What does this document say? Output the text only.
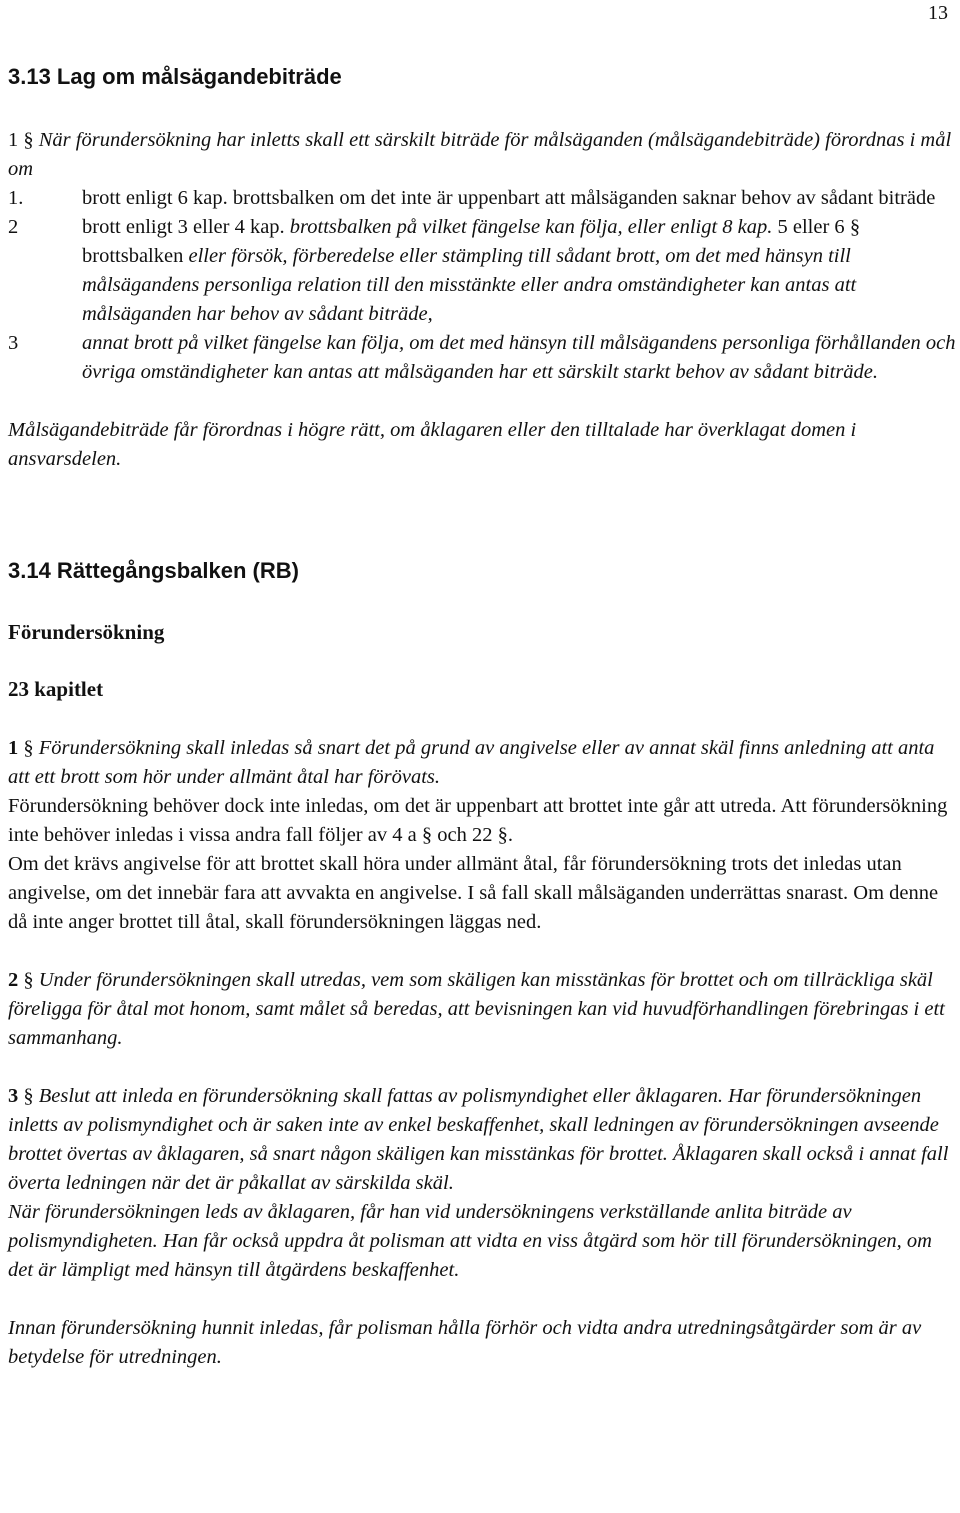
13
3.13 Lag om målsägandebiträde

1 § När förundersökning har inletts skall ett särskilt biträde för målsäganden (målsägandebiträde) förordnas i mål om

1.	brott enligt 6 kap. brottsbalken om det inte är uppenbart att målsäganden saknar behov av sådant biträde
2	brott enligt 3 eller 4 kap. brottsbalken på vilket fängelse kan följa, eller enligt 8 kap. 5 eller 6 § brottsbalken eller försök, förberedelse eller stämpling till sådant brott, om det med hänsyn till målsägandens personliga relation till den misstänkte eller andra omständigheter kan antas att målsäganden har behov av sådant biträde,
3	annat brott på vilket fängelse kan följa, om det med hänsyn till målsägandens personliga förhållanden och övriga omständigheter kan antas att målsäganden har ett särskilt starkt behov av sådant biträde.

Målsägandebiträde får förordnas i högre rätt, om åklagaren eller den tilltalade har överklagat domen i ansvarsdelen.

3.14 Rättegångsbalken (RB)
Förundersökning
23 kapitlet

1 § Förundersökning skall inledas så snart det på grund av angivelse eller av annat skäl finns anledning att anta att ett brott som hör under allmänt åtal har förövats.

Förundersökning behöver dock inte inledas, om det är uppenbart att brottet inte går att utreda. Att förundersökning inte behöver inledas i vissa andra fall följer av 4 a § och 22 §.

Om det krävs angivelse för att brottet skall höra under allmänt åtal, får förundersökning trots det inledas utan angivelse, om det innebär fara att avvakta en angivelse. I så fall skall målsäganden underrättas snarast. Om denne då inte anger brottet till åtal, skall förundersökningen läggas ned.

2 § Under förundersökningen skall utredas, vem som skäligen kan misstänkas för brottet och om tillräckliga skäl föreligga för åtal mot honom, samt målet så beredas, att bevisningen kan vid huvudförhandlingen förebringas i ett sammanhang.

3 § Beslut att inleda en förundersökning skall fattas av polismyndighet eller åklagaren. Har förundersökningen inletts av polismyndighet och är saken inte av enkel beskaffenhet, skall ledningen av förundersökningen avseende brottet övertas av åklagaren, så snart någon skäligen kan misstänkas för brottet. Åklagaren skall också i annat fall överta ledningen när det är påkallat av särskilda skäl.

När förundersökningen leds av åklagaren, får han vid undersökningens verkställande anlita biträde av polismyndigheten. Han får också uppdra åt polisman att vidta en viss åtgärd som hör till förundersökningen, om det är lämpligt med hänsyn till åtgärdens beskaffenhet.

Innan förundersökning hunnit inledas, får polisman hålla förhör och vidta andra utredningsåtgärder som är av betydelse för utredningen.
